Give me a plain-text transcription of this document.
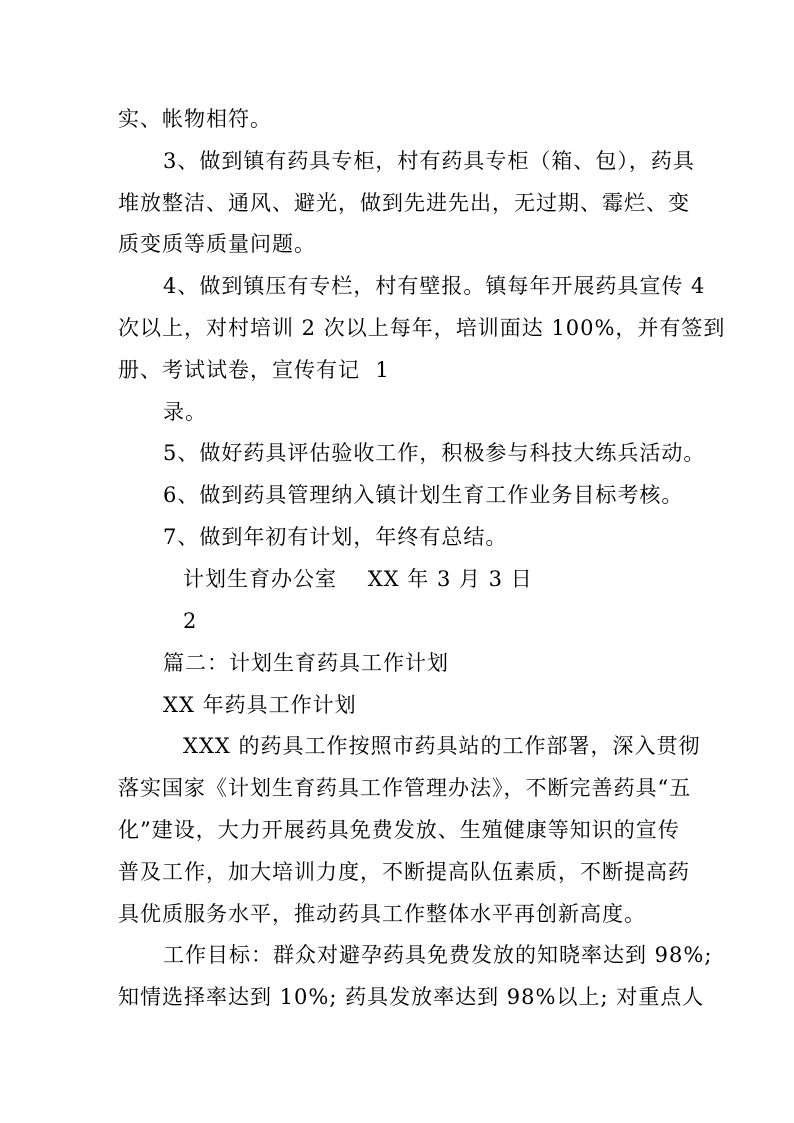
实、帐物相符。
3、做到镇有药具专柜，村有药具专柜（箱、包），药具
堆放整洁、通风、避光，做到先进先出，无过期、霉烂、变
质变质等质量问题。
4、做到镇压有专栏，村有壁报。镇每年开展药具宣传 4
次以上，对村培训 2 次以上每年，培训面达 100%，并有签到
册、考试试卷，宣传有记  1
录。
5、做好药具评估验收工作，积极参与科技大练兵活动。
6、做到药具管理纳入镇计划生育工作业务目标考核。
7、做到年初有计划，年终有总结。
计划生育办公室    XX 年 3 月 3 日
2
篇二：计划生育药具工作计划
XX 年药具工作计划
XXX 的药具工作按照市药具站的工作部署，深入贯彻
落实国家《计划生育药具工作管理办法》，不断完善药具“五
化”建设，大力开展药具免费发放、生殖健康等知识的宣传
普及工作，加大培训力度，不断提高队伍素质，不断提高药
具优质服务水平，推动药具工作整体水平再创新高度。
工作目标：群众对避孕药具免费发放的知晓率达到 98%;
知情选择率达到 10%; 药具发放率达到 98%以上; 对重点人
